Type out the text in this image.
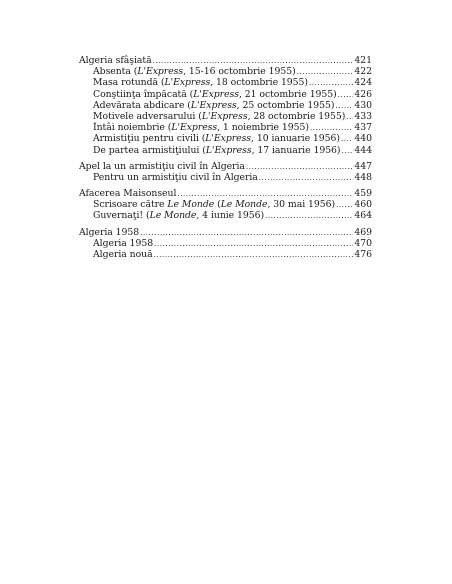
Algeria sfâşiată .....	421
Absenta (L'Express, 15-16 octombrie 1955) .....	422
Masa rotundă (L'Express, 18 octombrie 1955) .....	424
Conştiinţa împăcată (L'Express, 21 octombrie 1955) ..... 426
Adevărata abdicare (L'Express, 25 octombrie 1955) ..... 430
Motivele adversarului (L'Express, 28 octombrie 1955) ..... 433
Întâi noiembrie (L'Express, 1 noiembrie 1955) .....	437
Armistiţiu pentru civili (L'Express, 10 ianuarie 1956) ..... 440
De partea armistiţiului (L'Express, 17 ianuarie 1956) ..... 444
Apel la un armistiţiu civil în Algeria .....	447
Pentru un armistiţiu civil în Algeria .....	448
Afacerea Maisonseul .....	459
Scrisoare către Le Monde (Le Monde, 30 mai 1956) ..... 460
Guvernaţi! (Le Monde, 4 iunie 1956) .....	464
Algeria 1958 .....	469
Algeria 1958 .....	470
Algeria nouă .....	476
